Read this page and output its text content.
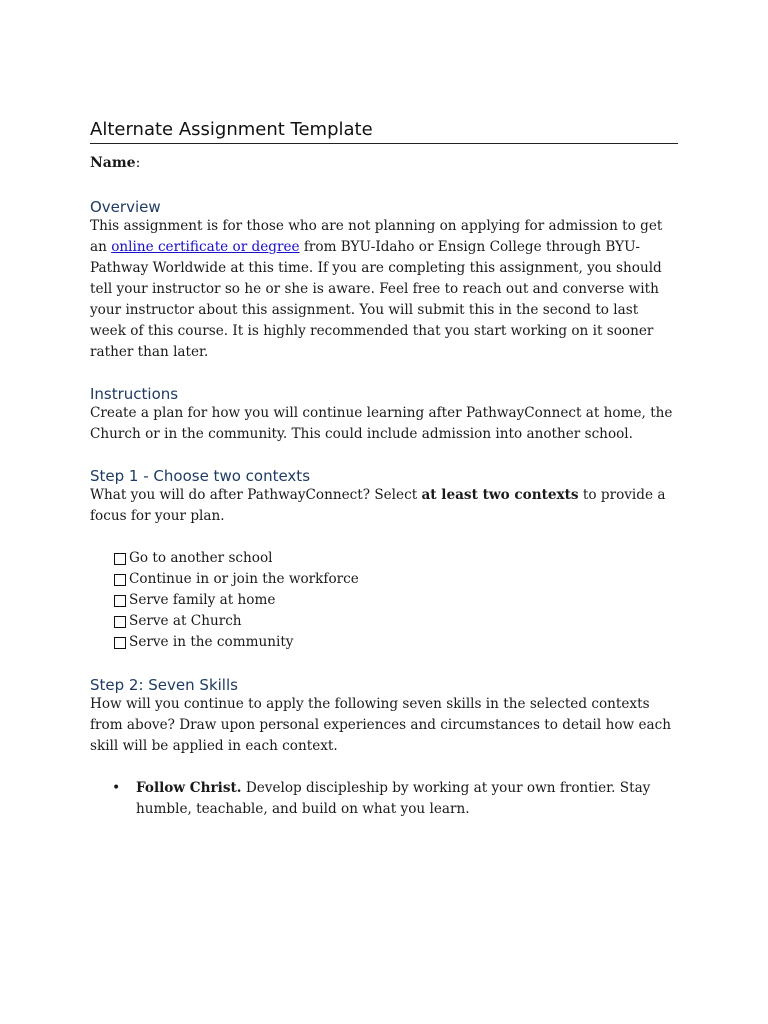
Alternate Assignment Template

Name:

Overview

This assignment is for those who are not planning on applying for admission to get an online certificate or degree from BYU-Idaho or Ensign College through BYU-Pathway Worldwide at this time. If you are completing this assignment, you should tell your instructor so he or she is aware. Feel free to reach out and converse with your instructor about this assignment. You will submit this in the second to last week of this course. It is highly recommended that you start working on it sooner rather than later.

Instructions

Create a plan for how you will continue learning after PathwayConnect at home, the Church or in the community. This could include admission into another school.

Step 1 - Choose two contexts

What you will do after PathwayConnect? Select at least two contexts to provide a focus for your plan.

Go to another school
Continue in or join the workforce
Serve family at home
Serve at Church
Serve in the community
Step 2: Seven Skills

How will you continue to apply the following seven skills in the selected contexts from above? Draw upon personal experiences and circumstances to detail how each skill will be applied in each context.

•	Follow Christ. Develop discipleship by working at your own frontier. Stay humble, teachable, and build on what you learn.
